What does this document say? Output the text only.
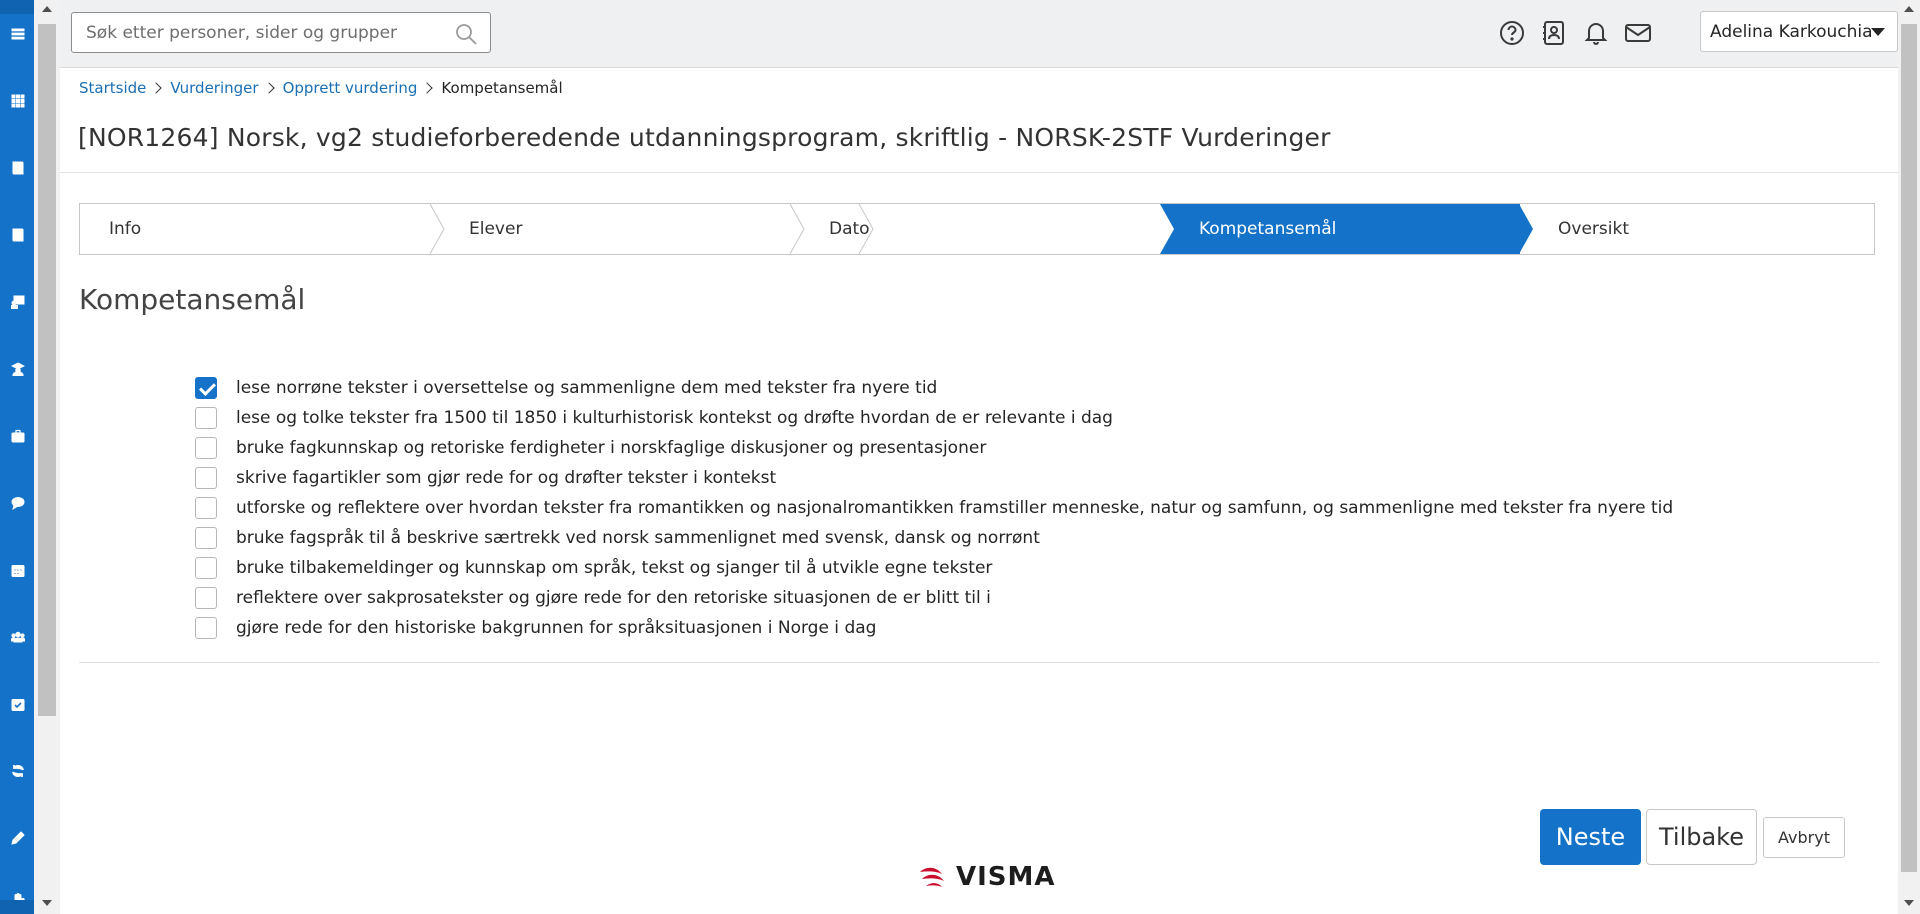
Søk etter personer, sider og grupper
Adelina Karkouchia
Startside Vurderinger Opprett vurdering Kompetansemål
[NOR1264] Norsk, vg2 studieforberedende utdanningsprogram, skriftlig - NORSK-2STF Vurderinger
Info	Elever	Dato	Kompetansemål	Oversikt
Kompetansemål
lese norrøne tekster i oversettelse og sammenligne dem med tekster fra nyere tid
lese og tolke tekster fra 1500 til 1850 i kulturhistorisk kontekst og drøfte hvordan de er relevante i dag
bruke fagkunnskap og retoriske ferdigheter i norskfaglige diskusjoner og presentasjoner
skrive fagartikler som gjør rede for og drøfter tekster i kontekst
utforske og reflektere over hvordan tekster fra romantikken og nasjonalromantikken framstiller menneske, natur og samfunn, og sammenligne med tekster fra nyere tid
bruke fagspråk til å beskrive særtrekk ved norsk sammenlignet med svensk, dansk og norrønt
bruke tilbakemeldinger og kunnskap om språk, tekst og sjanger til å utvikle egne tekster
reflektere over sakprosatekster og gjøre rede for den retoriske situasjonen de er blitt til i
gjøre rede for den historiske bakgrunnen for språksituasjonen i Norge i dag
Neste	Tilbake	Avbryt
VISMA
